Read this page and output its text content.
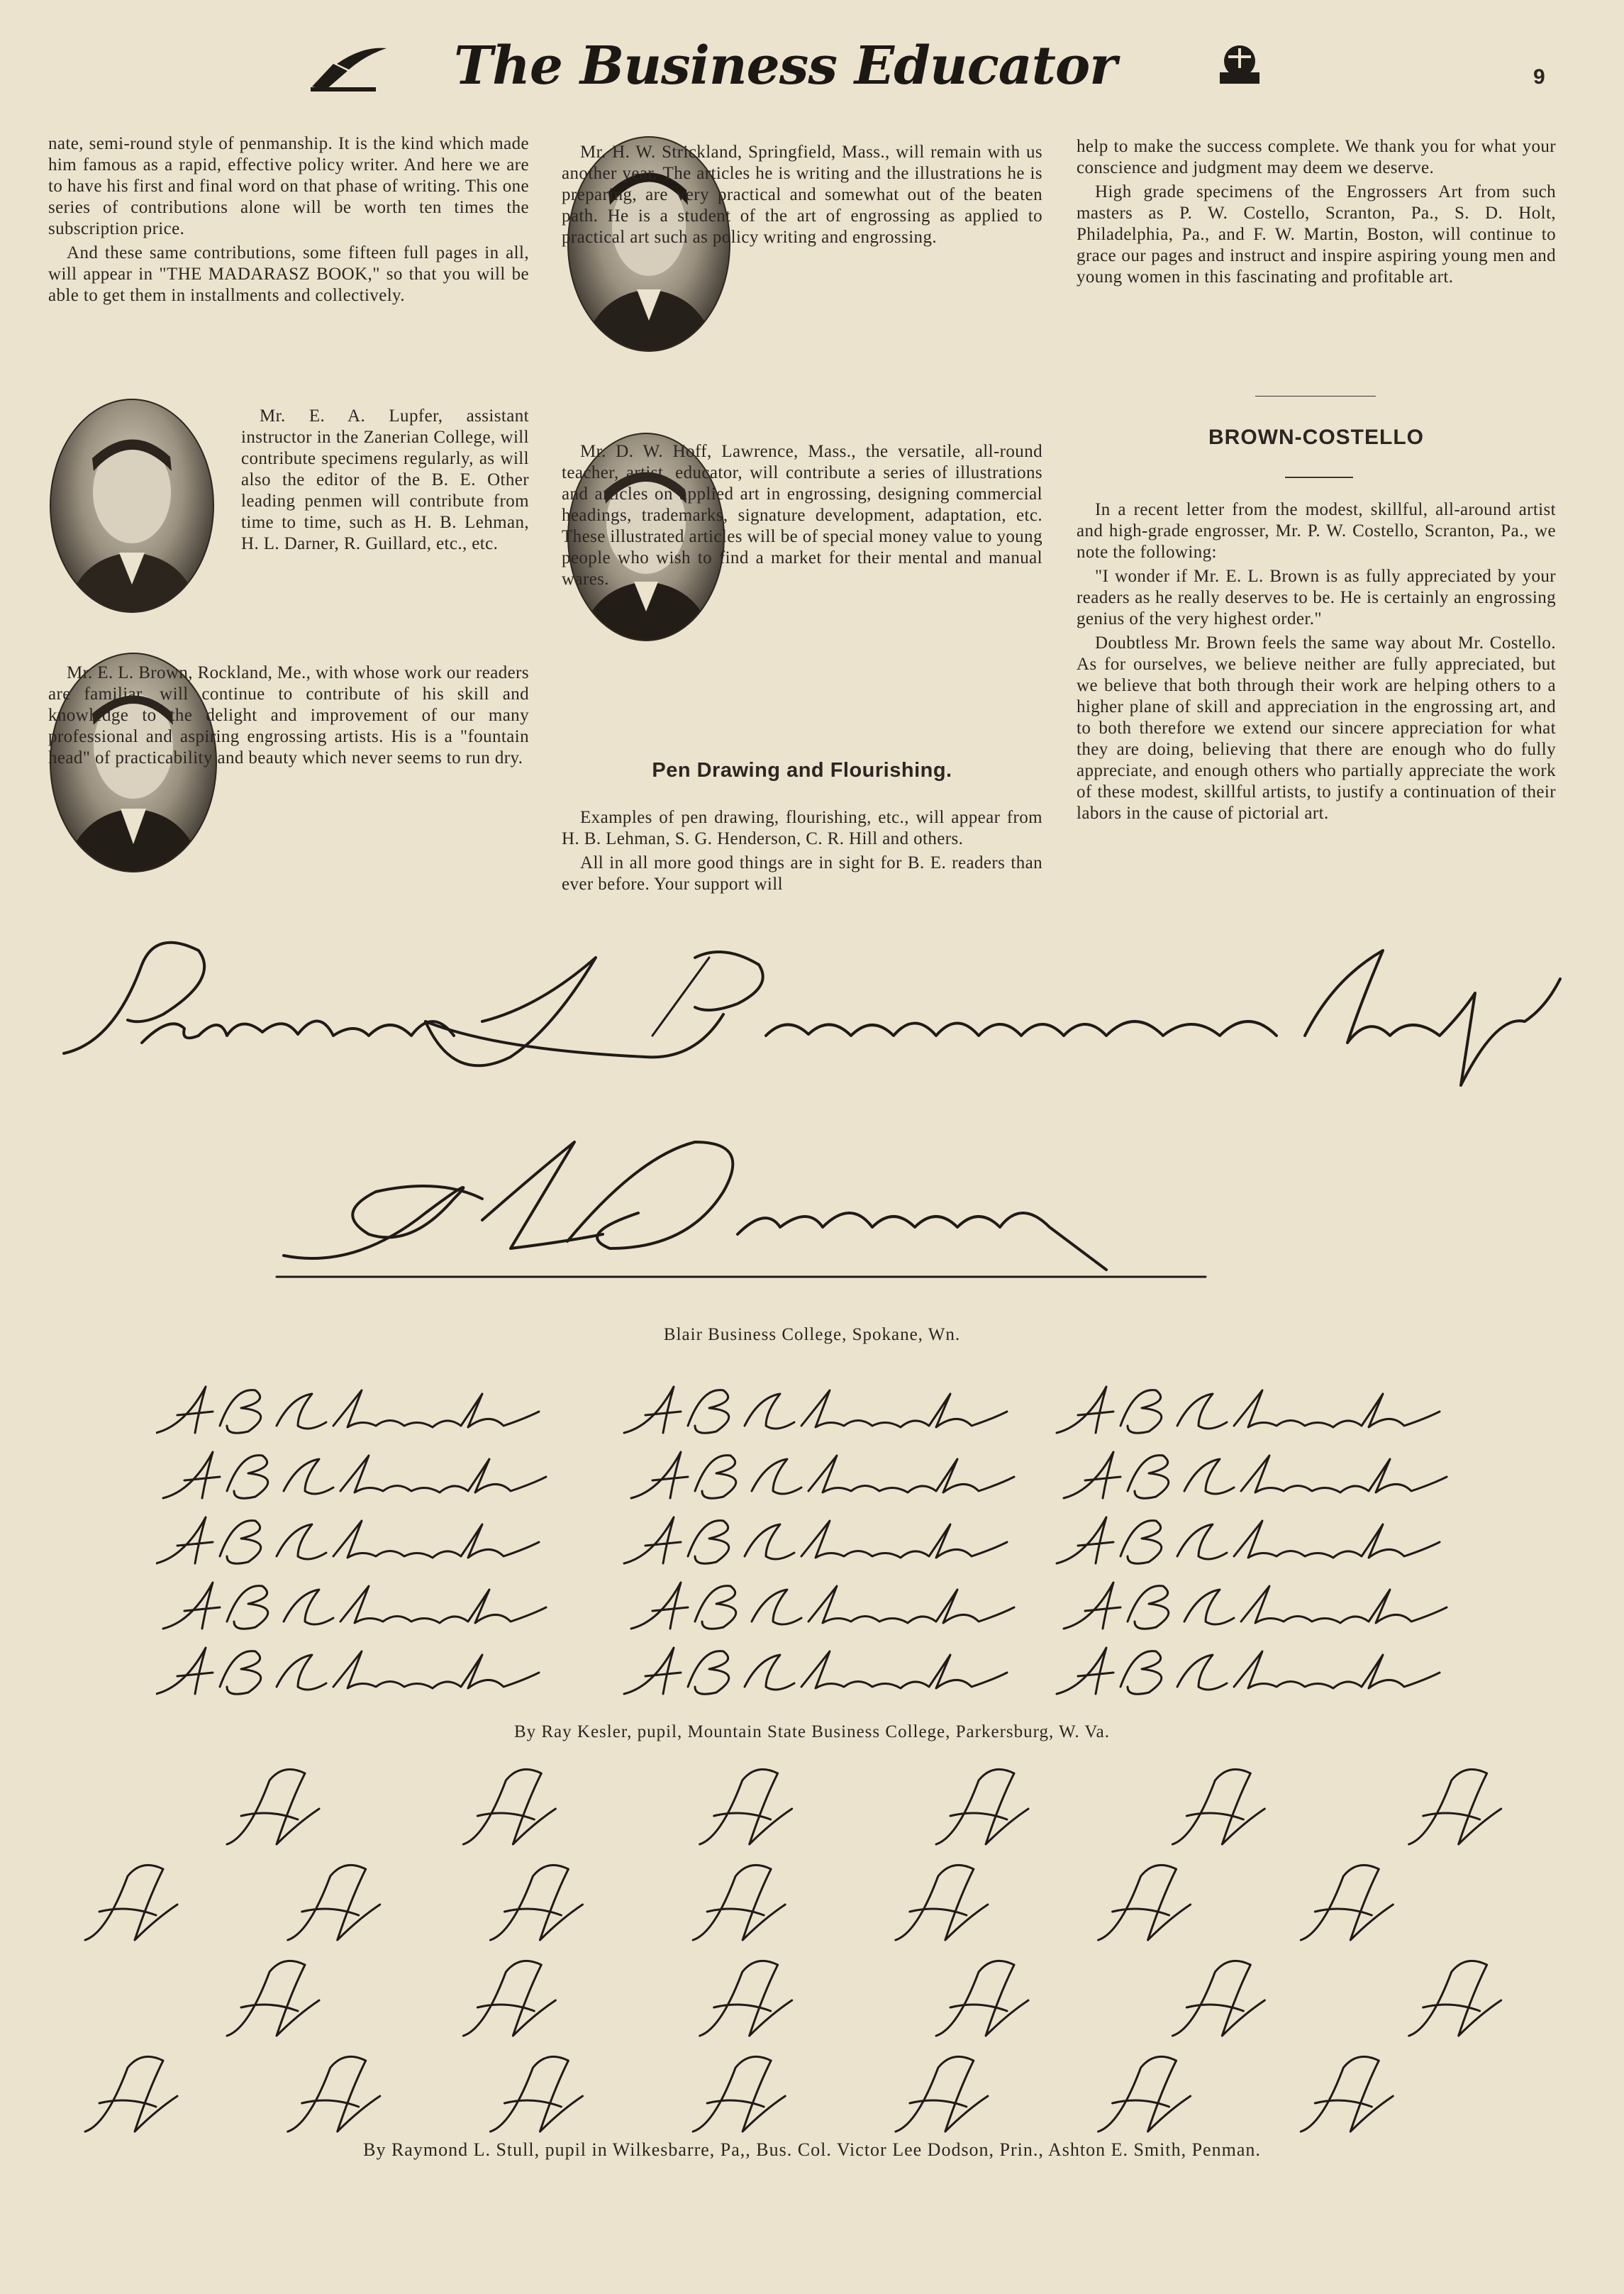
The Business Educator	9

nate, semi-round style of penmanship. It is the kind which made him famous as a rapid, effective policy writer. And here we are to have his first and final word on that phase of writing. This one series of contributions alone will be worth ten times the subscription price.

And these same contributions, some fifteen full pages in all, will appear in "THE MADARASZ BOOK," so that you will be able to get them in installments and collectively.

Mr. E. A. Lupfer, assistant instructor in the Zanerian College, will contribute specimens regularly, as will also the editor of the B. E. Other leading penmen will contribute from time to time, such as H. B. Lehman, H. L. Darner, R. Guillard, etc., etc.

Mr. E. L. Brown, Rockland, Me., with whose work our readers are familiar, will continue to contribute of his skill and knowledge to the delight and improvement of our many professional and aspiring engrossing artists. His is a "fountain head" of practicability and beauty which never seems to run dry.

Mr. H. W. Strickland, Springfield, Mass., will remain with us another year. The articles he is writing and the illustrations he is preparing, are very practical and somewhat out of the beaten path. He is a student of the art of engrossing as applied to practical art such as policy writing and engrossing.

Mr. D. W. Hoff, Lawrence, Mass., the versatile, all-round teacher, artist, educator, will contribute a series of illustrations and articles on applied art in engrossing, designing commercial headings, trademarks, signature development, adaptation, etc. These illustrated articles will be of special money value to young people who wish to find a market for their mental and manual wares.

Pen Drawing and Flourishing.

Examples of pen drawing, flourishing, etc., will appear from H. B. Lehman, S. G. Henderson, C. R. Hill and others.

All in all more good things are in sight for B. E. readers than ever before. Your support will

help to make the success complete. We thank you for what your conscience and judgment may deem we deserve.

High grade specimens of the Engrossers Art from such masters as P. W. Costello, Scranton, Pa., S. D. Holt, Philadelphia, Pa., and F. W. Martin, Boston, will continue to grace our pages and instruct and inspire aspiring young men and young women in this fascinating and profitable art.

BROWN-COSTELLO

In a recent letter from the modest, skillful, all-around artist and high-grade engrosser, Mr. P. W. Costello, Scranton, Pa., we note the following:

"I wonder if Mr. E. L. Brown is as fully appreciated by your readers as he really deserves to be. He is certainly an engrossing genius of the very highest order."

Doubtless Mr. Brown feels the same way about Mr. Costello. As for ourselves, we believe neither are fully appreciated, but we believe that both through their work are helping others to a higher plane of skill and appreciation in the engrossing art, and to both therefore we extend our sincere appreciation for what they are doing, believing that there are enough who do fully appreciate, and enough others who partially appreciate the work of these modest, skillful artists, to justify a continuation of their labors in the cause of pictorial art.

Blair Business College, Spokane, Wn.
By Ray Kesler, pupil, Mountain State Business College, Parkersburg, W. Va.
By Raymond L. Stull, pupil in Wilkesbarre, Pa,, Bus. Col. Victor Lee Dodson, Prin., Ashton E. Smith, Penman.
